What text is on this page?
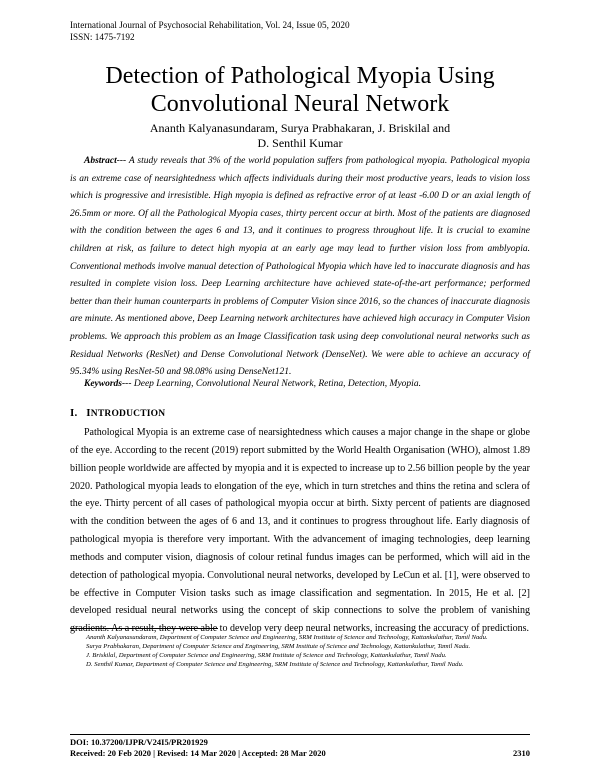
International Journal of Psychosocial Rehabilitation, Vol. 24, Issue 05, 2020
ISSN: 1475-7192
Detection of Pathological Myopia Using Convolutional Neural Network
Ananth Kalyanasundaram, Surya Prabhakaran, J. Briskilal and
D. Senthil Kumar
Abstract--- A study reveals that 3% of the world population suffers from pathological myopia. Pathological myopia is an extreme case of nearsightedness which affects individuals during their most productive years, leads to vision loss which is progressive and irresistible. High myopia is defined as refractive error of at least -6.00 D or an axial length of 26.5mm or more. Of all the Pathological Myopia cases, thirty percent occur at birth. Most of the patients are diagnosed with the condition between the ages 6 and 13, and it continues to progress throughout life. It is crucial to examine children at risk, as failure to detect high myopia at an early age may lead to further vision loss from amblyopia. Conventional methods involve manual detection of Pathological Myopia which have led to inaccurate diagnosis and has resulted in complete vision loss. Deep Learning architecture have achieved state-of-the-art performance; performed better than their human counterparts in problems of Computer Vision since 2016, so the chances of inaccurate diagnosis are minute. As mentioned above, Deep Learning network architectures have achieved high accuracy in Computer Vision problems. We approach this problem as an Image Classification task using deep convolutional neural networks such as Residual Networks (ResNet) and Dense Convolutional Network (DenseNet). We were able to achieve an accuracy of 95.34% using ResNet-50 and 98.08% using DenseNet121.
Keywords--- Deep Learning, Convolutional Neural Network, Retina, Detection, Myopia.
I. INTRODUCTION
Pathological Myopia is an extreme case of nearsightedness which causes a major change in the shape or globe of the eye. According to the recent (2019) report submitted by the World Health Organisation (WHO), almost 1.89 billion people worldwide are affected by myopia and it is expected to increase up to 2.56 billion people by the year 2020. Pathological myopia leads to elongation of the eye, which in turn stretches and thins the retina and sclera of the eye. Thirty percent of all cases of pathological myopia occur at birth. Sixty percent of patients are diagnosed with the condition between the ages of 6 and 13, and it continues to progress throughout life. Early diagnosis of pathological myopia is therefore very important. With the advancement of imaging technologies, deep learning methods and computer vision, diagnosis of colour retinal fundus images can be performed, which will aid in the detection of pathological myopia. Convolutional neural networks, developed by LeCun et al. [1], were observed to be effective in Computer Vision tasks such as image classification and segmentation. In 2015, He et al. [2] developed residual neural networks using the concept of skip connections to solve the problem of vanishing gradients. As a result, they were able to develop very deep neural networks, increasing the accuracy of predictions.

Ananth Kalyanasundaram, Department of Computer Science and Engineering, SRM Institute of Science and Technology, Kattankulathur, Tamil Nadu.

Surya Prabhakaran, Department of Computer Science and Engineering, SRM Institute of Science and Technology, Kattankulathur, Tamil Nadu.

J. Briskilal, Department of Computer Science and Engineering, SRM Institute of Science and Technology, Kattankulathur, Tamil Nadu.

D. Senthil Kumar, Department of Computer Science and Engineering, SRM Institute of Science and Technology, Kattankulathur, Tamil Nadu.

DOI: 10.37200/IJPR/V24I5/PR201929
Received: 20 Feb 2020 | Revised: 14 Mar 2020 | Accepted: 28 Mar 2020	2310
